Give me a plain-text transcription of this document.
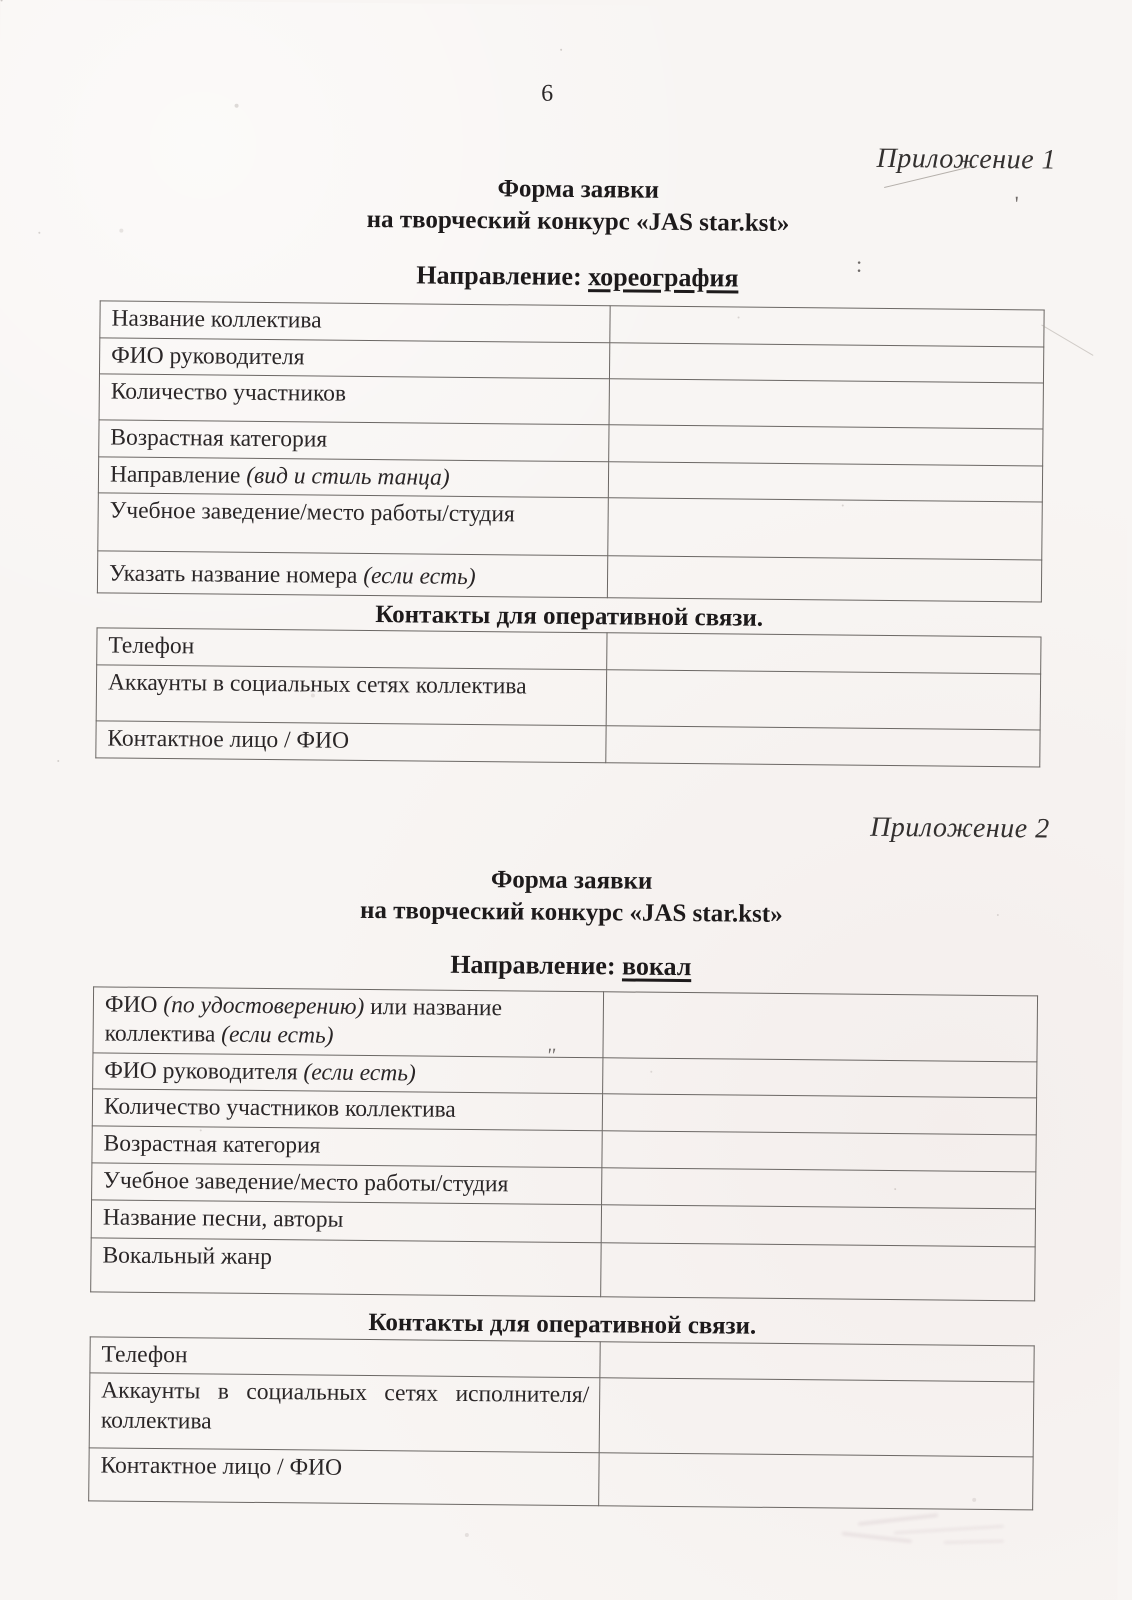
6
Приложение 1
Форма заявки
на творческий конкурс «JAS star.kst»
Направление: хореография
Название коллектива	
ФИО руководителя	
Количество участников	
Возрастная категория	
Направление (вид и стиль танца)	
Учебное заведение/место работы/студия	
Указать название номера (если есть)	
Контакты для оперативной связи.
Телефон	
Аккаунты в социальных сетях коллектива	
Контактное лицо / ФИО	
Приложение 2
Форма заявки
на творческий конкурс «JAS star.kst»
Направление: вокал
ФИО (по удостоверению) или название коллектива (если есть)	
ФИО руководителя (если есть)	
Количество участников коллектива	
Возрастная категория	
Учебное заведение/место работы/студия	
Название песни, авторы	
Вокальный жанр	
Контакты для оперативной связи.
Телефон	
Аккаунты в социальных сетях исполнителя/коллектива	
Контактное лицо / ФИО	
'
:
''
